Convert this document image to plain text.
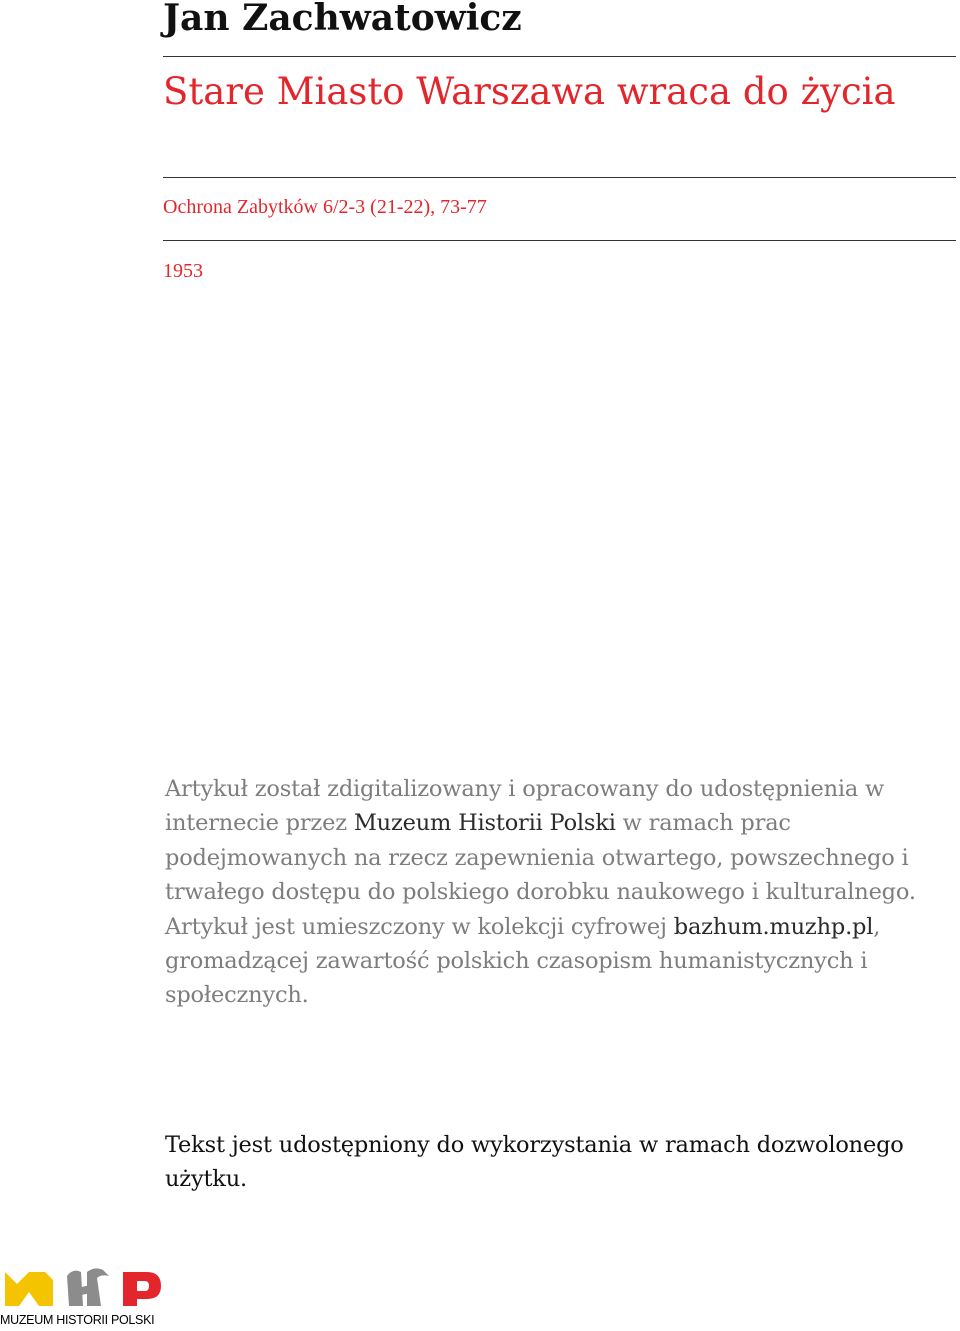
Jan Zachwatowicz
Stare Miasto Warszawa wraca do życia

Ochrona Zabytków 6/2-3 (21-22), 73-77

1953

Artykuł został zdigitalizowany i opracowany do udostępnienia w internecie przez Muzeum Historii Polski w ramach prac podejmowanych na rzecz zapewnienia otwartego, powszechnego i trwałego dostępu do polskiego dorobku naukowego i kulturalnego. Artykuł jest umieszczony w kolekcji cyfrowej bazhum.muzhp.pl, gromadzącej zawartość polskich czasopism humanistycznych i społecznych.

Tekst jest udostępniony do wykorzystania w ramach dozwolonego użytku.

MUZEUM HISTORII POLSKI
